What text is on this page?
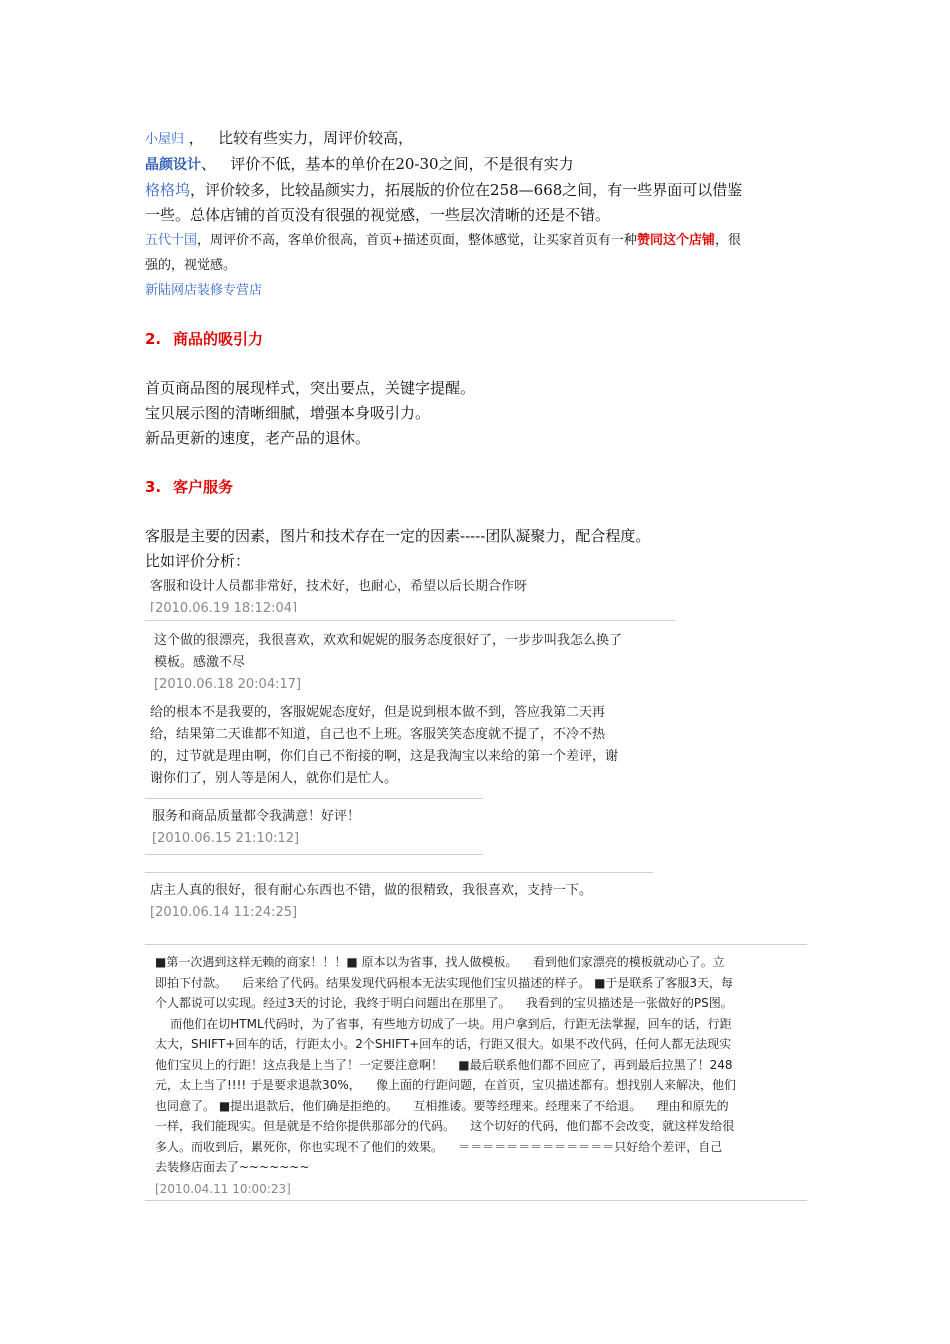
小屋归 ， 比较有些实力，周评价较高，
晶颜设计、 评价不低，基本的单价在20-30之间，不是很有实力
格格坞，评价较多，比较晶颜实力，拓展版的价位在258—668之间，有一些界面可以借鉴
一些。总体店铺的首页没有很强的视觉感，一些层次清晰的还是不错。
五代十国，周评价不高，客单价很高，首页+描述页面，整体感觉，让买家首页有一种赞同这个店铺，很
强的，视觉感。
新陆网店装修专营店
2. 商品的吸引力
首页商品图的展现样式，突出要点，关键字提醒。
宝贝展示图的清晰细腻，增强本身吸引力。
新品更新的速度，老产品的退休。
3. 客户服务
客服是主要的因素，图片和技术存在一定的因素-----团队凝聚力，配合程度。
比如评价分析：
客服和设计人员都非常好，技术好，也耐心，希望以后长期合作呀
[2010.06.19 18:12:04]
这个做的很漂亮，我很喜欢，欢欢和妮妮的服务态度很好了，一步步叫我怎么换了
模板。感激不尽
[2010.06.18 20:04:17]
给的根本不是我要的，客服妮妮态度好，但是说到根本做不到，答应我第二天再
给，结果第二天谁都不知道，自己也不上班。客服笑笑态度就不提了，不冷不热
的，过节就是理由啊，你们自己不衔接的啊，这是我淘宝以来给的第一个差评，谢
谢你们了，别人等是闲人，就你们是忙人。
服务和商品质量都令我满意！好评！
[2010.06.15 21:10:12]
店主人真的很好，很有耐心东西也不错，做的很精致，我很喜欢，支持一下。
[2010.06.14 11:24:25]
■第一次遇到这样无赖的商家！！！■ 原本以为省事，找人做模板。    看到他们家漂亮的模板就动心了。立
即拍下付款。    后来给了代码。结果发现代码根本无法实现他们宝贝描述的样子。 ■于是联系了客服3天，每
个人都说可以实现。经过3天的讨论，我终于明白问题出在那里了。    我看到的宝贝描述是一张做好的PS图。
而他们在切HTML代码时，为了省事，有些地方切成了一块。用户拿到后，行距无法掌握，回车的话，行距
太大，SHIFT+回车的话，行距太小。2个SHIFT+回车的话，行距又很大。如果不改代码，任何人都无法现实
他们宝贝上的行距！这点我是上当了！一定要注意啊！    ■最后联系他们都不回应了，再到最后拉黑了！248
元，太上当了!!!! 于是要求退款30%，    像上面的行距问题，在首页，宝贝描述都有。想找别人来解决，他们
也同意了。 ■提出退款后，他们确是拒绝的。    互相推诿。要等经理来。经理来了不给退。    理由和原先的
一样，我们能现实。但是就是不给你提供那部分的代码。    这个切好的代码，他们都不会改变，就这样发给很
多人。而收到后，累死你，你也实现不了他们的效果。    ＝＝＝＝＝＝＝＝＝＝＝＝＝只好给个差评，自己
去装修店面去了~~~~~~~
[2010.04.11 10:00:23]
